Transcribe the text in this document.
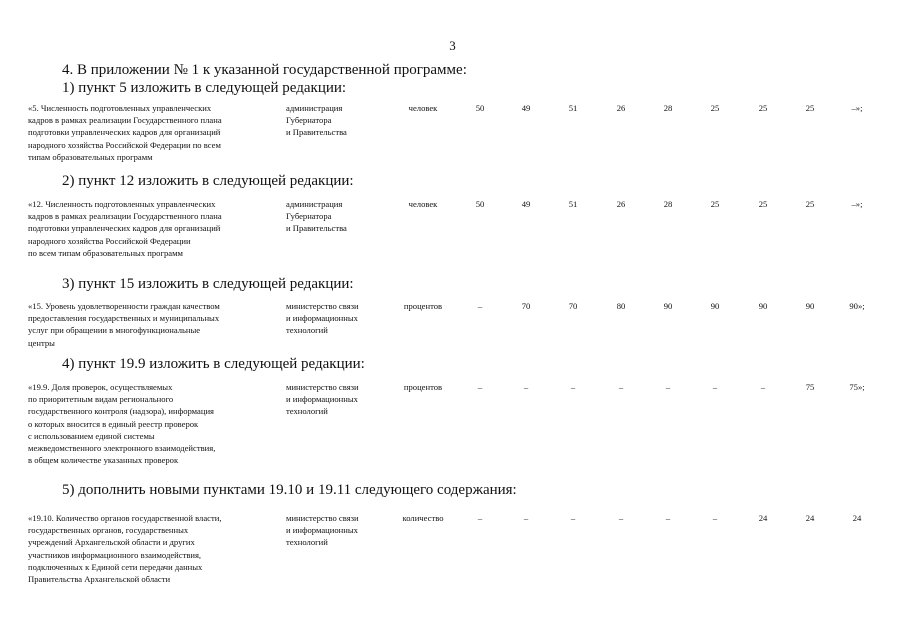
3
4. В приложении № 1 к указанной государственной программе:
1) пункт 5 изложить в следующей редакции:
«5. Численность подготовленных управленческих
кадров в рамках реализации Государственного плана
подготовки управленческих кадров для организаций
народного хозяйства Российской Федерации по всем
типам образовательных программ
администрация
Губернатора
и Правительства
человек	50	49	51	26	28	25	25	25	–»;
2) пункт 12 изложить в следующей редакции:
«12. Численность подготовленных управленческих
кадров в рамках реализации Государственного плана
подготовки управленческих кадров для организаций
народного хозяйства Российской Федерации
по всем типам образовательных программ
администрация
Губернатора
и Правительства
человек	50	49	51	26	28	25	25	25	–»;
3) пункт 15 изложить в следующей редакции:
«15. Уровень удовлетворенности граждан качеством
предоставления государственных и муниципальных
услуг при обращении в многофункциональные
центры
министерство связи
и информационных
технологий
процентов	–	70	70	80	90	90	90	90	90»;
4) пункт 19.9 изложить в следующей редакции:
«19.9. Доля проверок, осуществляемых
по приоритетным видам регионального
государственного контроля (надзора), информация
о которых вносится в единый реестр проверок
с использованием единой системы
межведомственного электронного взаимодействия,
в общем количестве указанных проверок
министерство связи
и информационных
технологий
процентов	–	–	–	–	–	–	–	75	75»;
5) дополнить новыми пунктами 19.10 и 19.11 следующего содержания:
«19.10. Количество органов государственной власти,
государственных органов, государственных
учреждений Архангельской области и других
участников информационного взаимодействия,
подключенных к Единой сети передачи данных
Правительства Архангельской области
министерство связи
и информационных
технологий
количество	–	–	–	–	–	–	24	24	24
